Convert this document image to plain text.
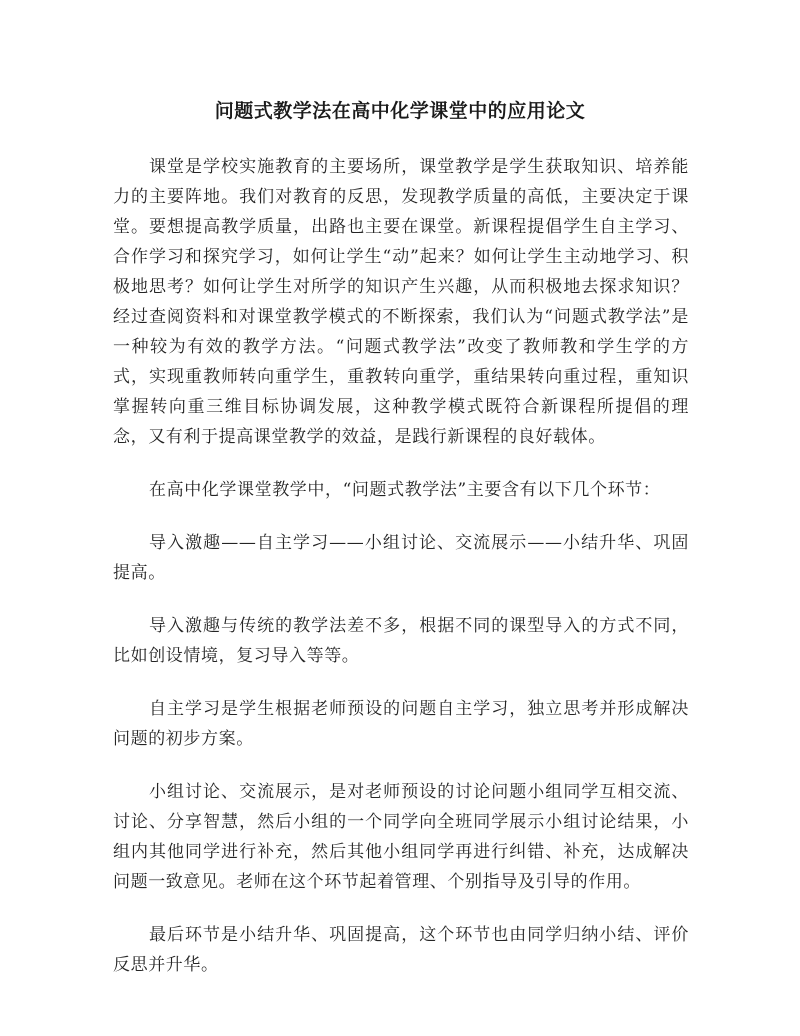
问题式教学法在高中化学课堂中的应用论文

课堂是学校实施教育的主要场所，课堂教学是学生获取知识、培养能力的主要阵地。我们对教育的反思，发现教学质量的高低，主要决定于课堂。要想提高教学质量，出路也主要在课堂。新课程提倡学生自主学习、合作学习和探究学习，如何让学生“动”起来？如何让学生主动地学习、积极地思考？如何让学生对所学的知识产生兴趣，从而积极地去探求知识？经过查阅资料和对课堂教学模式的不断探索，我们认为“问题式教学法”是一种较为有效的教学方法。“问题式教学法”改变了教师教和学生学的方式，实现重教师转向重学生，重教转向重学，重结果转向重过程，重知识掌握转向重三维目标协调发展，这种教学模式既符合新课程所提倡的理念，又有利于提高课堂教学的效益，是践行新课程的良好载体。

在高中化学课堂教学中，“问题式教学法”主要含有以下几个环节：

导入激趣——自主学习——小组讨论、交流展示——小结升华、巩固提高。

导入激趣与传统的教学法差不多，根据不同的课型导入的方式不同，比如创设情境，复习导入等等。

自主学习是学生根据老师预设的问题自主学习，独立思考并形成解决问题的初步方案。

小组讨论、交流展示，是对老师预设的讨论问题小组同学互相交流、讨论、分享智慧，然后小组的一个同学向全班同学展示小组讨论结果，小组内其他同学进行补充，然后其他小组同学再进行纠错、补充，达成解决问题一致意见。老师在这个环节起着管理、个别指导及引导的作用。

最后环节是小结升华、巩固提高，这个环节也由同学归纳小结、评价反思并升华。
